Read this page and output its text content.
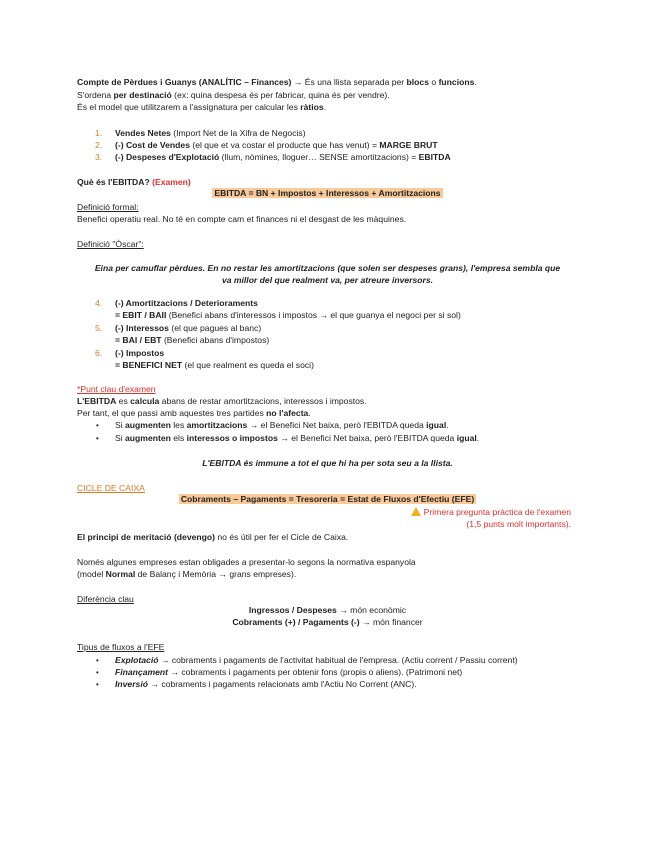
Compte de Pèrdues i Guanys (ANALÍTIC – Finances) → És una llista separada per blocs o funcions.
S'ordena per destinació (ex: quina despesa és per fabricar, quina és per vendre).
És el model que utilitzarem a l'assignatura per calcular les ràtios.
1. Vendes Netes (Import Net de la Xifra de Negocis)
2. (-) Cost de Vendes (el que et va costar el producte que has venut) = MARGE BRUT
3. (-) Despeses d'Explotació (llum, nòmines, lloguer… SENSE amortitzacions) = EBITDA
Què és l'EBITDA? (Examen)
EBITDA = BN + Impostos + Interessos + Amortitzacions
Definició formal:
Benefici operatiu real. No té en compte cam et finances ni el desgast de les màquines.
Definició "Òscar":
Eina per camuflar pèrdues. En no restar les amortitzacions (que solen ser despeses grans), l'empresa sembla que
va millor del que realment va, per atreure inversors.
4. (-) Amortitzacions / Deterioraments
= EBIT / BAII (Benefici abans d'interessos i impostos → el que guanya el negoci per si sol)
5. (-) Interessos (el que pagues al banc)
= BAI / EBT (Benefici abans d'impostos)
6. (-) Impostos
= BENEFICI NET (el que realment es queda el soci)
*Punt clau d'examen
L'EBITDA es calcula abans de restar amortitzacions, interessos i impostos.
Per tant, el que passi amb aquestes tres partides no l'afecta.
• Si augmenten les amortitzacions → el Benefici Net baixa, però l'EBITDA queda igual.
• Si augmenten els interessos o impostos → el Benefici Net baixa, però l'EBITDA queda igual.
L'EBITDA és immune a tot el que hi ha per sota seu a la llista.
CICLE DE CAIXA
Cobraments – Pagaments = Tresoreria = Estat de Fluxos d'Efectiu (EFE)
Primera pregunta pràctica de l'examen
(1,5 punts molt importants).
El principi de meritació (devengo) no és útil per fer el Cicle de Caixa.
Només algunes empreses estan obligades a presentar-lo segons la normativa espanyola
(model Normal de Balanç i Memòria → grans empreses).
Diferència clau
Ingressos / Despeses → món econòmic
Cobraments (+) / Pagaments (-) → món financer
Tipus de fluxos a l'EFE
• Explotació → cobraments i pagaments de l'activitat habitual de l'empresa. (Actiu corrent / Passiu corrent)
• Finançament → cobraments i pagaments per obtenir fons (propis o aliens). (Patrimoni net)
• Inversió → cobraments i pagaments relacionats amb l'Actiu No Corrent (ANC).
